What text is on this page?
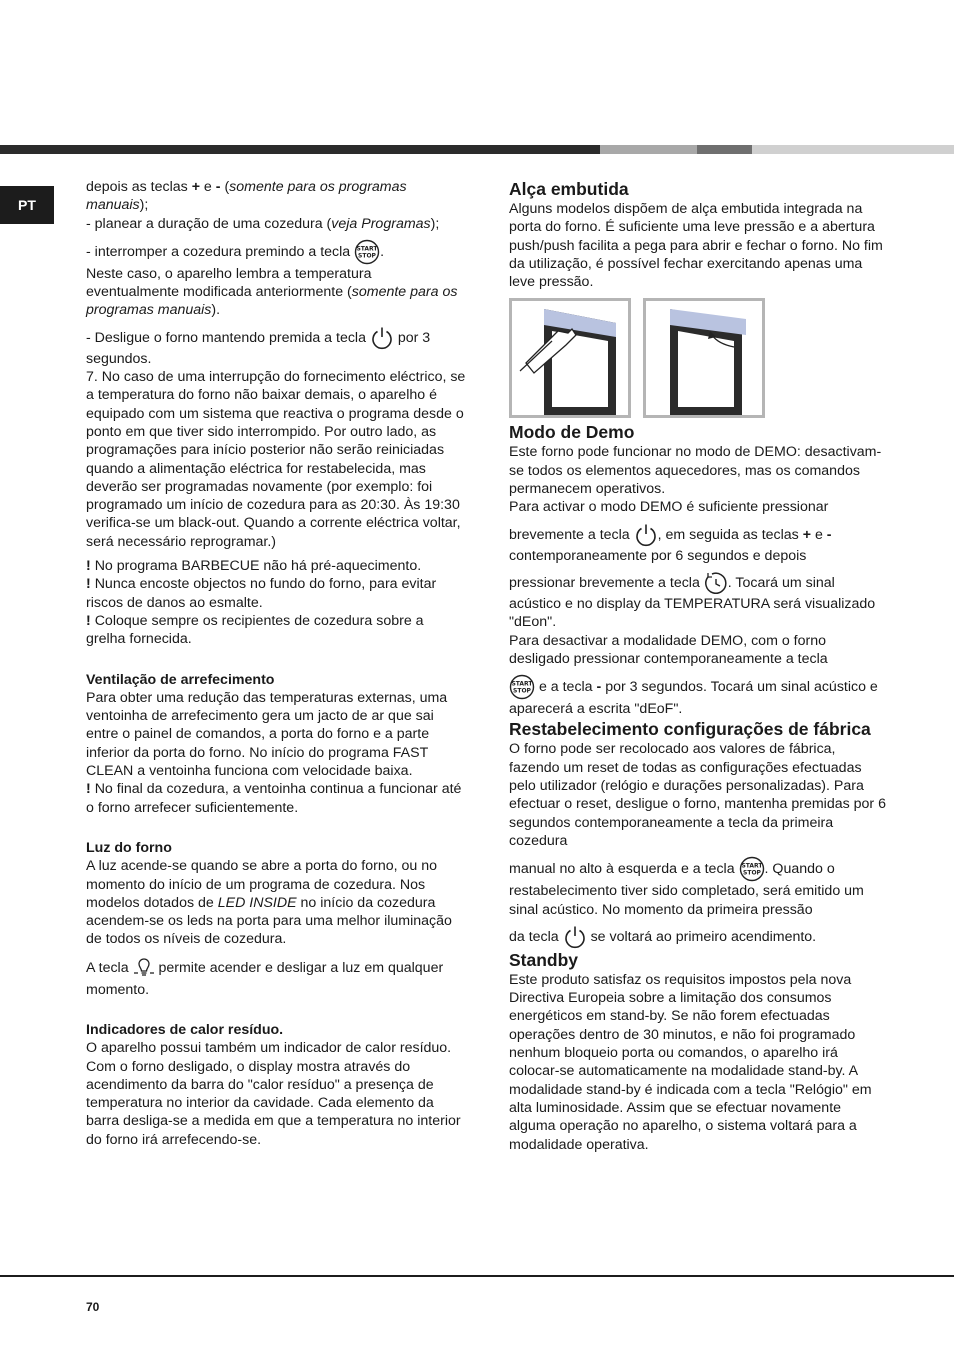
PT

depois as teclas + e - (somente para os programas manuais);

- planear a duração de uma cozedura (veja Programas);

- interromper a cozedura premindo a tecla START
STOP .
Neste caso, o aparelho lembra a temperatura eventualmente modificada anteriormente (somente para os programas manuais).

- Desligue o forno mantendo premida a tecla  por 3 segundos.

7. No caso de uma interrupção do fornecimento eléctrico, se a temperatura do forno não baixar demais, o aparelho é equipado com um sistema que reactiva o programa desde o ponto em que tiver sido interrompido. Por outro lado, as programações para início posterior não serão reiniciadas quando a alimentação eléctrica for restabelecida, mas deverão ser programadas novamente (por exemplo: foi programado um início de cozedura para as 20:30. Às 19:30 verifica-se um black-out. Quando a corrente eléctrica voltar, será necessário reprogramar.)

! No programa BARBECUE não há pré-aquecimento.

! Nunca encoste objectos no fundo do forno, para evitar riscos de danos ao esmalte.

! Coloque sempre os recipientes de cozedura sobre a grelha fornecida.

Ventilação de arrefecimento

Para obter uma redução das temperaturas externas, uma ventoinha de arrefecimento gera um jacto de ar que sai entre o painel de comandos, a porta do forno e a parte inferior da porta do forno. No início do programa FAST CLEAN a ventoinha funciona com velocidade baixa.

! No final da cozedura, a ventoinha continua a funcionar até o forno arrefecer suficientemente.

Luz do forno

A luz acende-se quando se abre a porta do forno, ou no momento do início de um programa de cozedura. Nos modelos dotados de LED INSIDE no início da cozedura acendem-se os leds na porta para uma melhor iluminação de todos os níveis de cozedura.

A tecla  permite acender e desligar a luz em qualquer momento.

Indicadores de calor resíduo.

O aparelho possui também um indicador de calor resíduo. Com o forno desligado, o display mostra através do acendimento da barra do "calor resíduo" a presença de temperatura no interior da cavidade. Cada elemento da barra desliga-se a medida em que a temperatura no interior do forno irá arrefecendo-se.

Alça embutida

Alguns modelos dispõem de alça embutida integrada na porta do forno. É suficiente uma leve pressão e a abertura push/push facilita a pega para abrir e fechar o forno. No fim da utilização, é possível fechar exercitando apenas uma leve pressão.

Modo de Demo

Este forno pode funcionar no modo de DEMO: desactivam-se todos os elementos aquecedores, mas os comandos permanecem operativos.

Para activar o modo DEMO é suficiente pressionar

brevemente a tecla , em seguida as teclas + e -
contemporaneamente por 6 segundos e depois

pressionar brevemente a tecla . Tocará um sinal acústico e no display da TEMPERATURA será visualizado "dEon".

Para desactivar a modalidade DEMO, com o forno desligado pressionar contemporaneamente a tecla

START
STOP e a tecla - por 3 segundos. Tocará um sinal acústico e aparecerá a escrita "dEoF".

Restabelecimento configurações de fábrica

O forno pode ser recolocado aos valores de fábrica, fazendo um reset de todas as configurações efectuadas pelo utilizador (relógio e durações personalizadas). Para efectuar o reset, desligue o forno, mantenha premidas por 6 segundos contemporaneamente a tecla da primeira cozedura

manual no alto à esquerda e a tecla START
STOP . Quando o restabelecimento tiver sido completado, será emitido um sinal acústico. No momento da primeira pressão

da tecla  se voltará ao primeiro acendimento.

Standby

Este produto satisfaz os requisitos impostos pela nova Directiva Europeia sobre a limitação dos consumos energéticos em stand-by. Se não forem efectuadas operações dentro de 30 minutos, e não foi programado nenhum bloqueio porta ou comandos, o aparelho irá colocar-se automaticamente na modalidade stand-by. A modalidade stand-by é indicada com a tecla "Relógio" em alta luminosidade. Assim que se efectuar novamente alguma operação no aparelho, o sistema voltará para a modalidade operativa.

70
